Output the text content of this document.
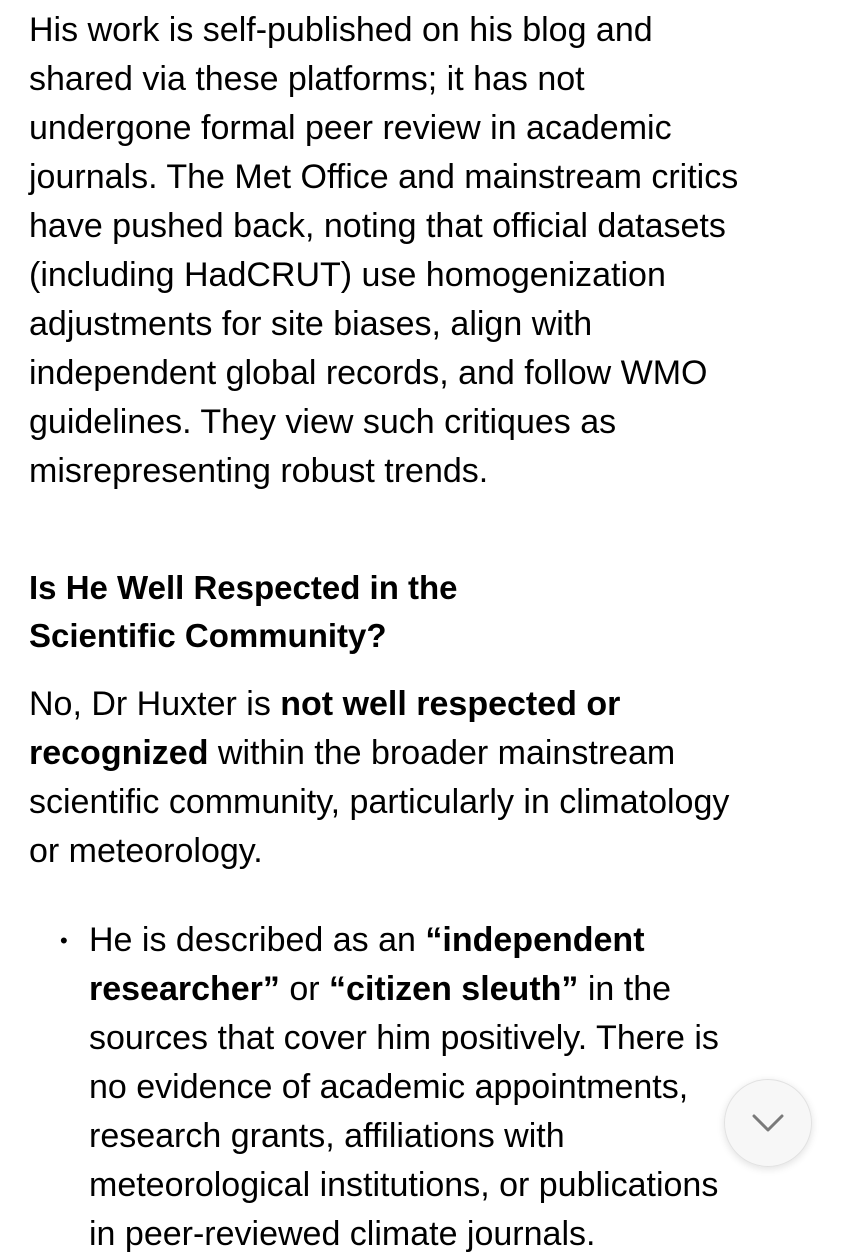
His work is self-published on his blog and
shared via these platforms; it has not
undergone formal peer review in academic
journals. The Met Office and mainstream critics
have pushed back, noting that official datasets
(including HadCRUT) use homogenization
adjustments for site biases, align with
independent global records, and follow WMO
guidelines. They view such critiques as
misrepresenting robust trends.

Is He Well Respected in the
Scientific Community?

No, Dr Huxter is not well respected or
recognized within the broader mainstream
scientific community, particularly in climatology
or meteorology.

• He is described as an “independent
researcher” or “citizen sleuth” in the
sources that cover him positively. There is
no evidence of academic appointments,
research grants, affiliations with
meteorological institutions, or publications
in peer-reviewed climate journals.
